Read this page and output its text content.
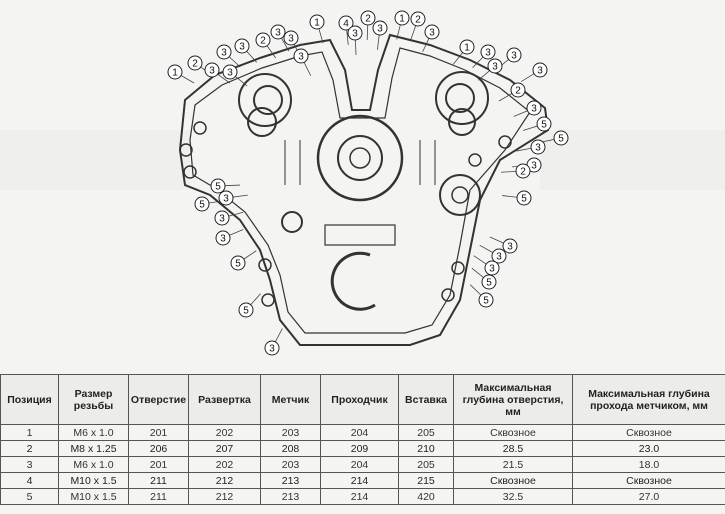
1
2
3 3
3
3
2
3
3
1
3
4
3
2
3
1 2
3
1 3
3
3
3
2
3
5
5
3
3
2
5
3
3
3
5
5
5
3
5
3
3
3
5
5
Позиция	Размер резьбы	Отверстие	Развертка	Метчик	Проходчик	Вставка	Максимальная глубина отверстия, мм	Максимальная глубина прохода метчиком, мм
1	M6 x 1.0	201	202	203	204	205	Сквозное	Сквозное
2	M8 x 1.25	206	207	208	209	210	28.5	23.0
3	M6 x 1.0	201	202	203	204	205	21.5	18.0
4	M10 x 1.5	211	212	213	214	215	Сквозное	Сквозное
5	M10 x 1.5	211	212	213	214	420	32.5	27.0
